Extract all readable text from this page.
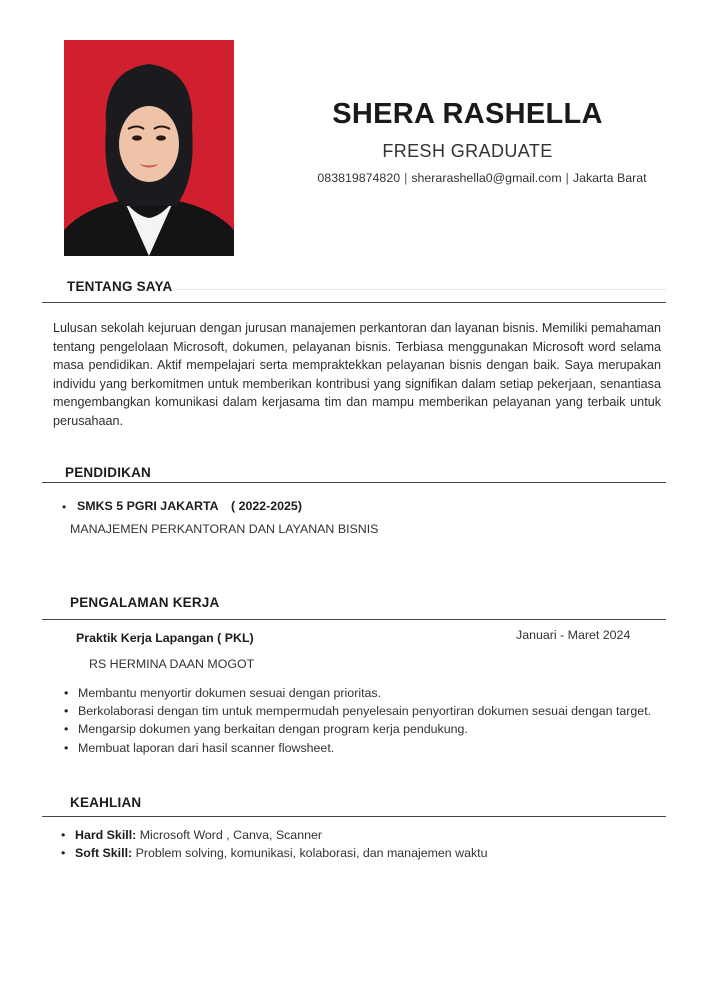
SHERA RASHELLA
FRESH GRADUATE
083819874820 | sherarashella0@gmail.com | Jakarta Barat
TENTANG SAYA
Lulusan sekolah kejuruan dengan jurusan manajemen perkantoran dan layanan bisnis. Memiliki pemahaman tentang pengelolaan Microsoft, dokumen, pelayanan bisnis. Terbiasa menggunakan Microsoft word selama masa pendidikan. Aktif mempelajari serta mempraktekkan pelayanan bisnis dengan baik. Saya merupakan individu yang berkomitmen untuk memberikan kontribusi yang signifikan dalam setiap pekerjaan, senantiasa mengembangkan komunikasi dalam kerjasama tim dan mampu memberikan pelayanan yang terbaik untuk perusahaan.
PENDIDIKAN
• SMKS 5 PGRI JAKARTA ( 2022-2025)
MANAJEMEN PERKANTORAN DAN LAYANAN BISNIS
PENGALAMAN KERJA
Praktik Kerja Lapangan ( PKL)	Januari - Maret 2024
RS HERMINA DAAN MOGOT
• Membantu menyortir dokumen sesuai dengan prioritas.
• Berkolaborasi dengan tim untuk mempermudah penyelesain penyortiran dokumen sesuai dengan target.
• Mengarsip dokumen yang berkaitan dengan program kerja pendukung.
• Membuat laporan dari hasil scanner flowsheet.
KEAHLIAN
• Hard Skill: Microsoft Word , Canva, Scanner
• Soft Skill: Problem solving, komunikasi, kolaborasi, dan manajemen waktu
